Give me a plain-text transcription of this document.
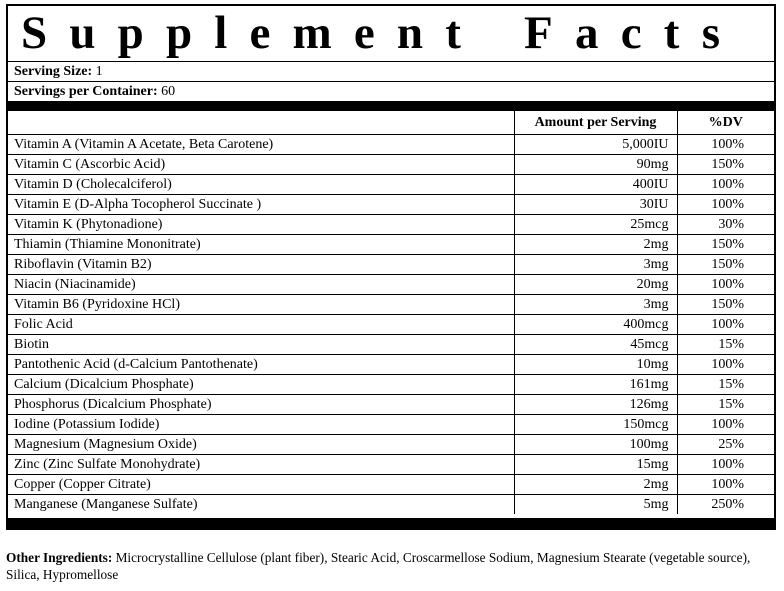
S u p p l e m e n t F a c t s
Serving Size: 1
Servings per Container: 60
	Amount per Serving	%DV
Vitamin A (Vitamin A Acetate, Beta Carotene)	5,000IU	100%
Vitamin C (Ascorbic Acid)	90mg	150%
Vitamin D (Cholecalciferol)	400IU	100%
Vitamin E (D-Alpha Tocopherol Succinate )	30IU	100%
Vitamin K (Phytonadione)	25mcg	30%
Thiamin (Thiamine Mononitrate)	2mg	150%
Riboflavin (Vitamin B2)	3mg	150%
Niacin (Niacinamide)	20mg	100%
Vitamin B6 (Pyridoxine HCl)	3mg	150%
Folic Acid	400mcg	100%
Biotin	45mcg	15%
Pantothenic Acid (d-Calcium Pantothenate)	10mg	100%
Calcium (Dicalcium Phosphate)	161mg	15%
Phosphorus (Dicalcium Phosphate)	126mg	15%
Iodine (Potassium Iodide)	150mcg	100%
Magnesium (Magnesium Oxide)	100mg	25%
Zinc (Zinc Sulfate Monohydrate)	15mg	100%
Copper (Copper Citrate)	2mg	100%
Manganese (Manganese Sulfate)	5mg	250%
Other Ingredients: Microcrystalline Cellulose (plant fiber), Stearic Acid, Croscarmellose Sodium, Magnesium Stearate (vegetable source), Silica, Hypromellose
